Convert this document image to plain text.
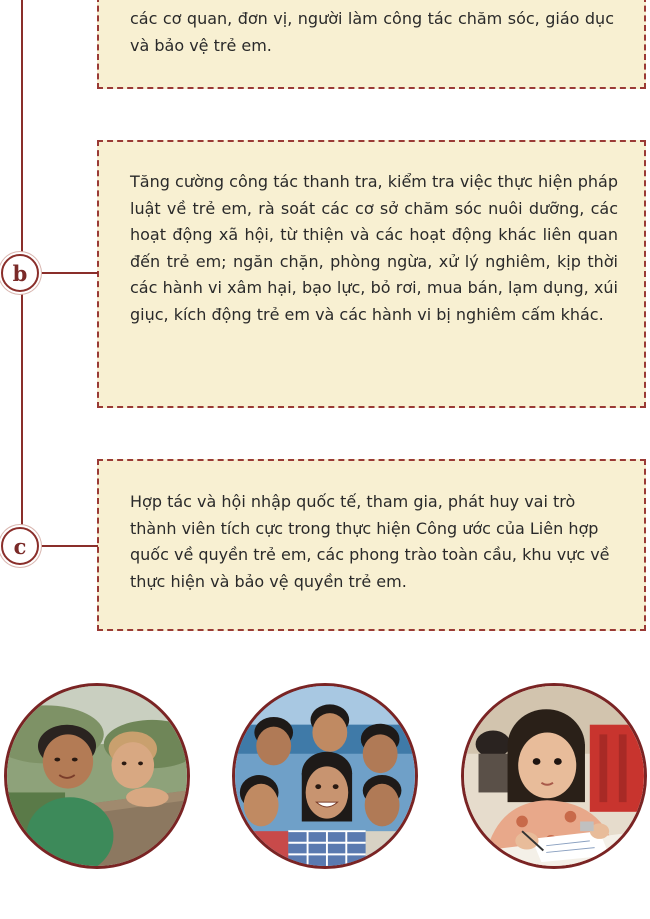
các cơ quan, đơn vị, người làm công tác chăm sóc, giáo dục và bảo vệ trẻ em.

Tăng cường công tác thanh tra, kiểm tra việc thực hiện pháp luật về trẻ em, rà soát các cơ sở chăm sóc nuôi dưỡng, các hoạt động xã hội, từ thiện và các hoạt động khác liên quan đến trẻ em; ngăn chặn, phòng ngừa, xử lý nghiêm, kịp thời các hành vi xâm hại, bạo lực, bỏ rơi, mua bán, lạm dụng, xúi giục, kích động trẻ em và các hành vi bị nghiêm cấm khác.

b

Hợp tác và hội nhập quốc tế, tham gia, phát huy vai trò thành viên tích cực trong thực hiện Công ước của Liên hợp quốc về quyền trẻ em, các phong trào toàn cầu, khu vực về thực hiện và bảo vệ quyền trẻ em.

c
